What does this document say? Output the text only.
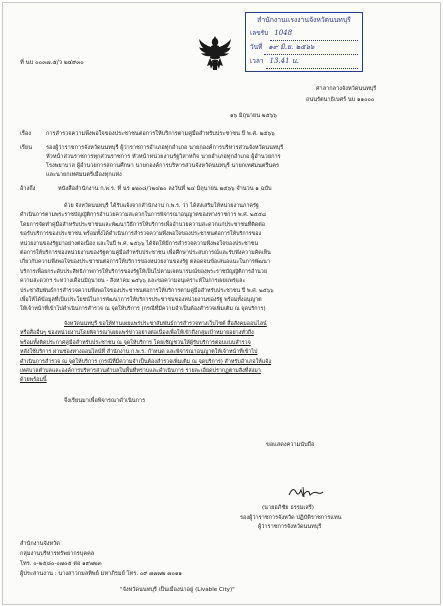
สำนักงานเเรงงานจังหวัดนนทบุรี
เลขรับ 1048
วันที่ ๑๙ มิ.ย. ๒๕๖๖
เวลา 13.41 น.
ที่ นบ ๐๐๓๗.๕/ว ๒๔๙๓๐
ศาลากลางจังหวัดนนทบุรี
ถนนรัตนาธิเบศร์ นบ ๑๑๐๐๐
๑๖ มิถุนายน ๒๕๖๖
เรื่อง	การสำรวจความพึงพอใจของประชาชนต่อการให้บริการตามคู่มือสำหรับประชาชน ปี พ.ศ. ๒๕๖๖
เรียน รองผู้ว่าราชการจังหวัดนนทบุรี ผู้ว่าราชการอำเภอทุกอำเภอ นายกองค์การบริหารส่วนจังหวัดนนทบุรี
หัวหน้าส่วนราชการทุกส่วนราชการ หัวหน้าหน่วยงานรัฐวิสาหกิจ นายอำเภอทุกอำเภอ ผู้อำนวยการ
โรงพยาบาล ผู้อำนวยการสถานศึกษา นายกองค์การบริหารส่วนจังหวัดนนทบุรี นายกเทศมนตรีนคร
และนายกเทศมนตรีเมืองทุกแห่ง
อ้างถึง	หนังสือสำนักงาน ก.พ.ร. ที่ นร ๑๒๐๘/ว๒๔๒๐ ลงวันที่ ๒๔ มิถุนายน ๒๕๖๖ จำนวน ๑ ฉบับ

ด้วย จังหวัดนนทบุรี ได้รับแจ้งจากสำนักงาน ก.พ.ร. ว่า ได้ส่งเสริมให้หน่วยงานภาครัฐ

ดำเนินการตามพระราชบัญญัติการอำนวยความสะดวกในการพิจารณาอนุญาตของทางราชการ พ.ศ. ๒๕๕๘

โดยการจัดทำคู่มือสำหรับประชาชนและพัฒนาวิธีการให้บริการเพื่ออำนวยความสะดวกแก่ประชาชนที่ติดต่อ

ขอรับบริการของประชาชน พร้อมทั้งได้ดำเนินการสำรวจความพึงพอใจของประชาชนต่อการให้บริการของ

หน่วยงานของรัฐมาอย่างต่อเนื่อง และในปี พ.ศ. ๒๕๖๖ ได้จัดให้มีการสำรวจความพึงพอใจของประชาชน

ต่อการให้บริการของหน่วยงานของรัฐตามคู่มือสำหรับประชาชน เพื่อศึกษาประสบการณ์และรับฟังความคิดเห็น

เกี่ยวกับความพึงพอใจของประชาชนต่อการให้บริการของหน่วยงานของรัฐ ตลอดจนข้อเสนอแนะในการพัฒนา

บริการเพื่อยกระดับประสิทธิภาพการให้บริการของรัฐให้เป็นไปตามเจตนารมณ์ของพระราชบัญญัติการอำนวย

ความสะดวกฯ ระหว่างเดือนมิถุนายน - สิงหาคม ๒๕๖๖ และขอความอนุเคราะห์ในการเผยแพร่และ

ประชาสัมพันธ์การสำรวจความพึงพอใจของประชาชนต่อการให้บริการตามคู่มือสำหรับประชาชน ปี พ.ศ. ๒๕๖๖

เพื่อให้ได้ข้อมูลที่เป็นประโยชน์ในการพัฒนาการให้บริการประชาชนของหน่วยงานของรัฐ พร้อมทั้งอนุญาต

ให้เจ้าหน้าที่เข้าไปดำเนินการสำรวจ ณ จุดให้บริการ (กรณีที่มีความจำเป็นต้องสำรวจเพิ่มเติม ณ จุดบริการ)

จังหวัดนนทบุรี ขอให้ท่านเผยแพร่ประชาสัมพันธ์การสำรวจทางเว็บไซต์ สื่อสังคมออนไลน์

หรือสื่ออื่นๆ ของหน่วยงานโดยพิจารณาเผยแพร่ข่าวอย่างต่อเนื่องเพื่อให้เข้าถึงกลุ่มเป้าหมายอย่างทั่วถึง

พร้อมทั้งติดประกาศคู่มือสำหรับประชาชน ณ จุดให้บริการ โดยเชิญชวนให้ผู้รับบริการตอบแบบสำรวจ

หลังใช้บริการ ผ่านช่องทางออนไลน์ที่ สำนักงาน ก.พ.ร. กำหนด และพิจารณาอนุญาตให้เจ้าหน้าที่เข้าไป

ดำเนินการสำรวจ ณ จุดให้บริการ (กรณีที่มีความจำเป็นต้องสำรวจเพิ่มเติม ณ จุดบริการ) สำหรับอำเภอให้แจ้ง

เทศบาลตำบลและองค์การบริหารส่วนตำบลในพื้นที่ทราบและดำเนินการ รายละเอียดปรากฏตามสิ่งที่ส่งมา

ด้วยพร้อมนี้

จึงเรียนมาเพื่อพิจารณาดำเนินการ
ขอแสดงความนับถือ
(นายอภิชัย ธรรมเสรี)
รองผู้ว่าราชการจังหวัด ปฏิบัติราชการแทน
ผู้ว่าราชการจังหวัดนนทบุรี
สำนักงานจังหวัด
กลุ่มงานบริหารทรัพยากรบุคคล
โทร. ๐-๒๕๘๐-๐๗๐๕ ต่อ ๑๙๗๒๓
ผู้ประสานงาน : นางสาวกมลทิพย์ มหาภิรมย์ โทร. ๐๙ ๗๗๗๒ ๗๐๑๑
"จังหวัดนนทบุรี เป็นเมืองน่าอยู่ (Livable City)"
